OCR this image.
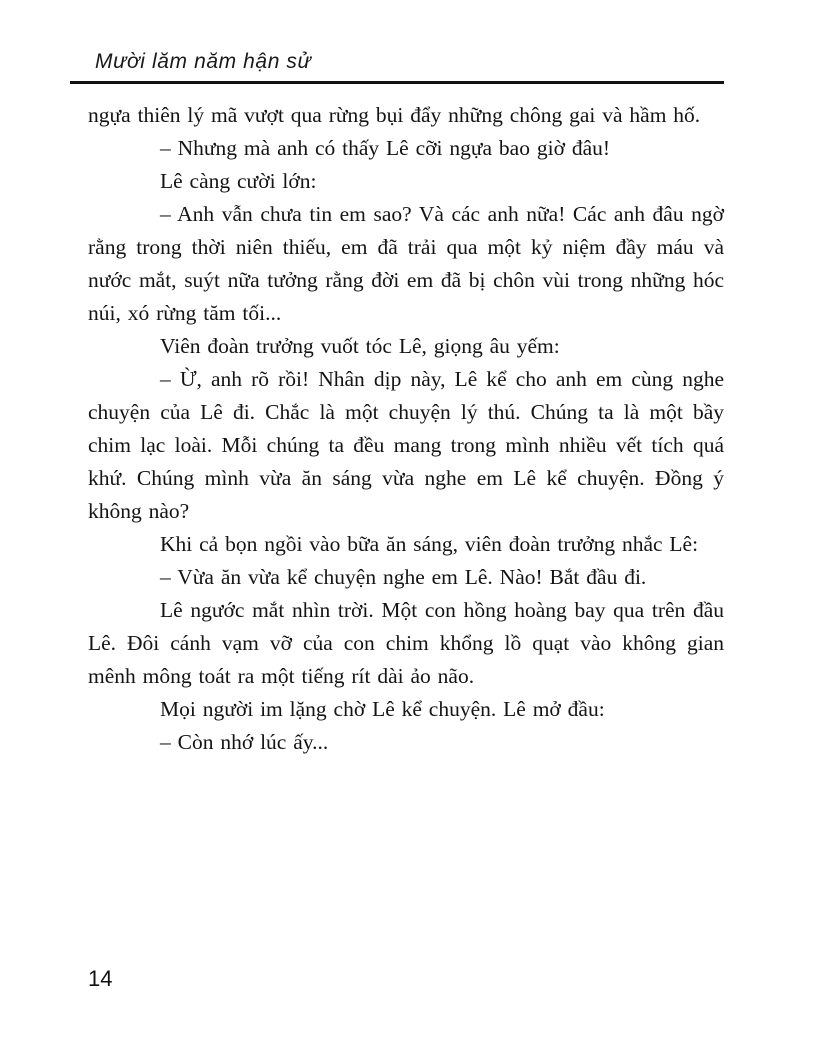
Mười lăm năm hận sử

ngựa thiên lý mã vượt qua rừng bụi đẩy những chông gai và hầm hố.

– Nhưng mà anh có thấy Lê cỡi ngựa bao giờ đâu!

Lê càng cười lớn:

– Anh vẫn chưa tin em sao? Và các anh nữa! Các anh đâu ngờ rằng trong thời niên thiếu, em đã trải qua một kỷ niệm đầy máu và nước mắt, suýt nữa tưởng rằng đời em đã bị chôn vùi trong những hóc núi, xó rừng tăm tối...

Viên đoàn trưởng vuốt tóc Lê, giọng âu yếm:

– Ừ, anh rõ rồi! Nhân dịp này, Lê kể cho anh em cùng nghe chuyện của Lê đi. Chắc là một chuyện lý thú. Chúng ta là một bầy chim lạc loài. Mỗi chúng ta đều mang trong mình nhiều vết tích quá khứ. Chúng mình vừa ăn sáng vừa nghe em Lê kể chuyện. Đồng ý không nào?

Khi cả bọn ngồi vào bữa ăn sáng, viên đoàn trưởng nhắc Lê:

– Vừa ăn vừa kể chuyện nghe em Lê. Nào! Bắt đầu đi.

Lê ngước mắt nhìn trời. Một con hồng hoàng bay qua trên đầu Lê. Đôi cánh vạm vỡ của con chim khổng lồ quạt vào không gian mênh mông toát ra một tiếng rít dài ảo não.

Mọi người im lặng chờ Lê kể chuyện. Lê mở đầu:

– Còn nhớ lúc ấy...

14
